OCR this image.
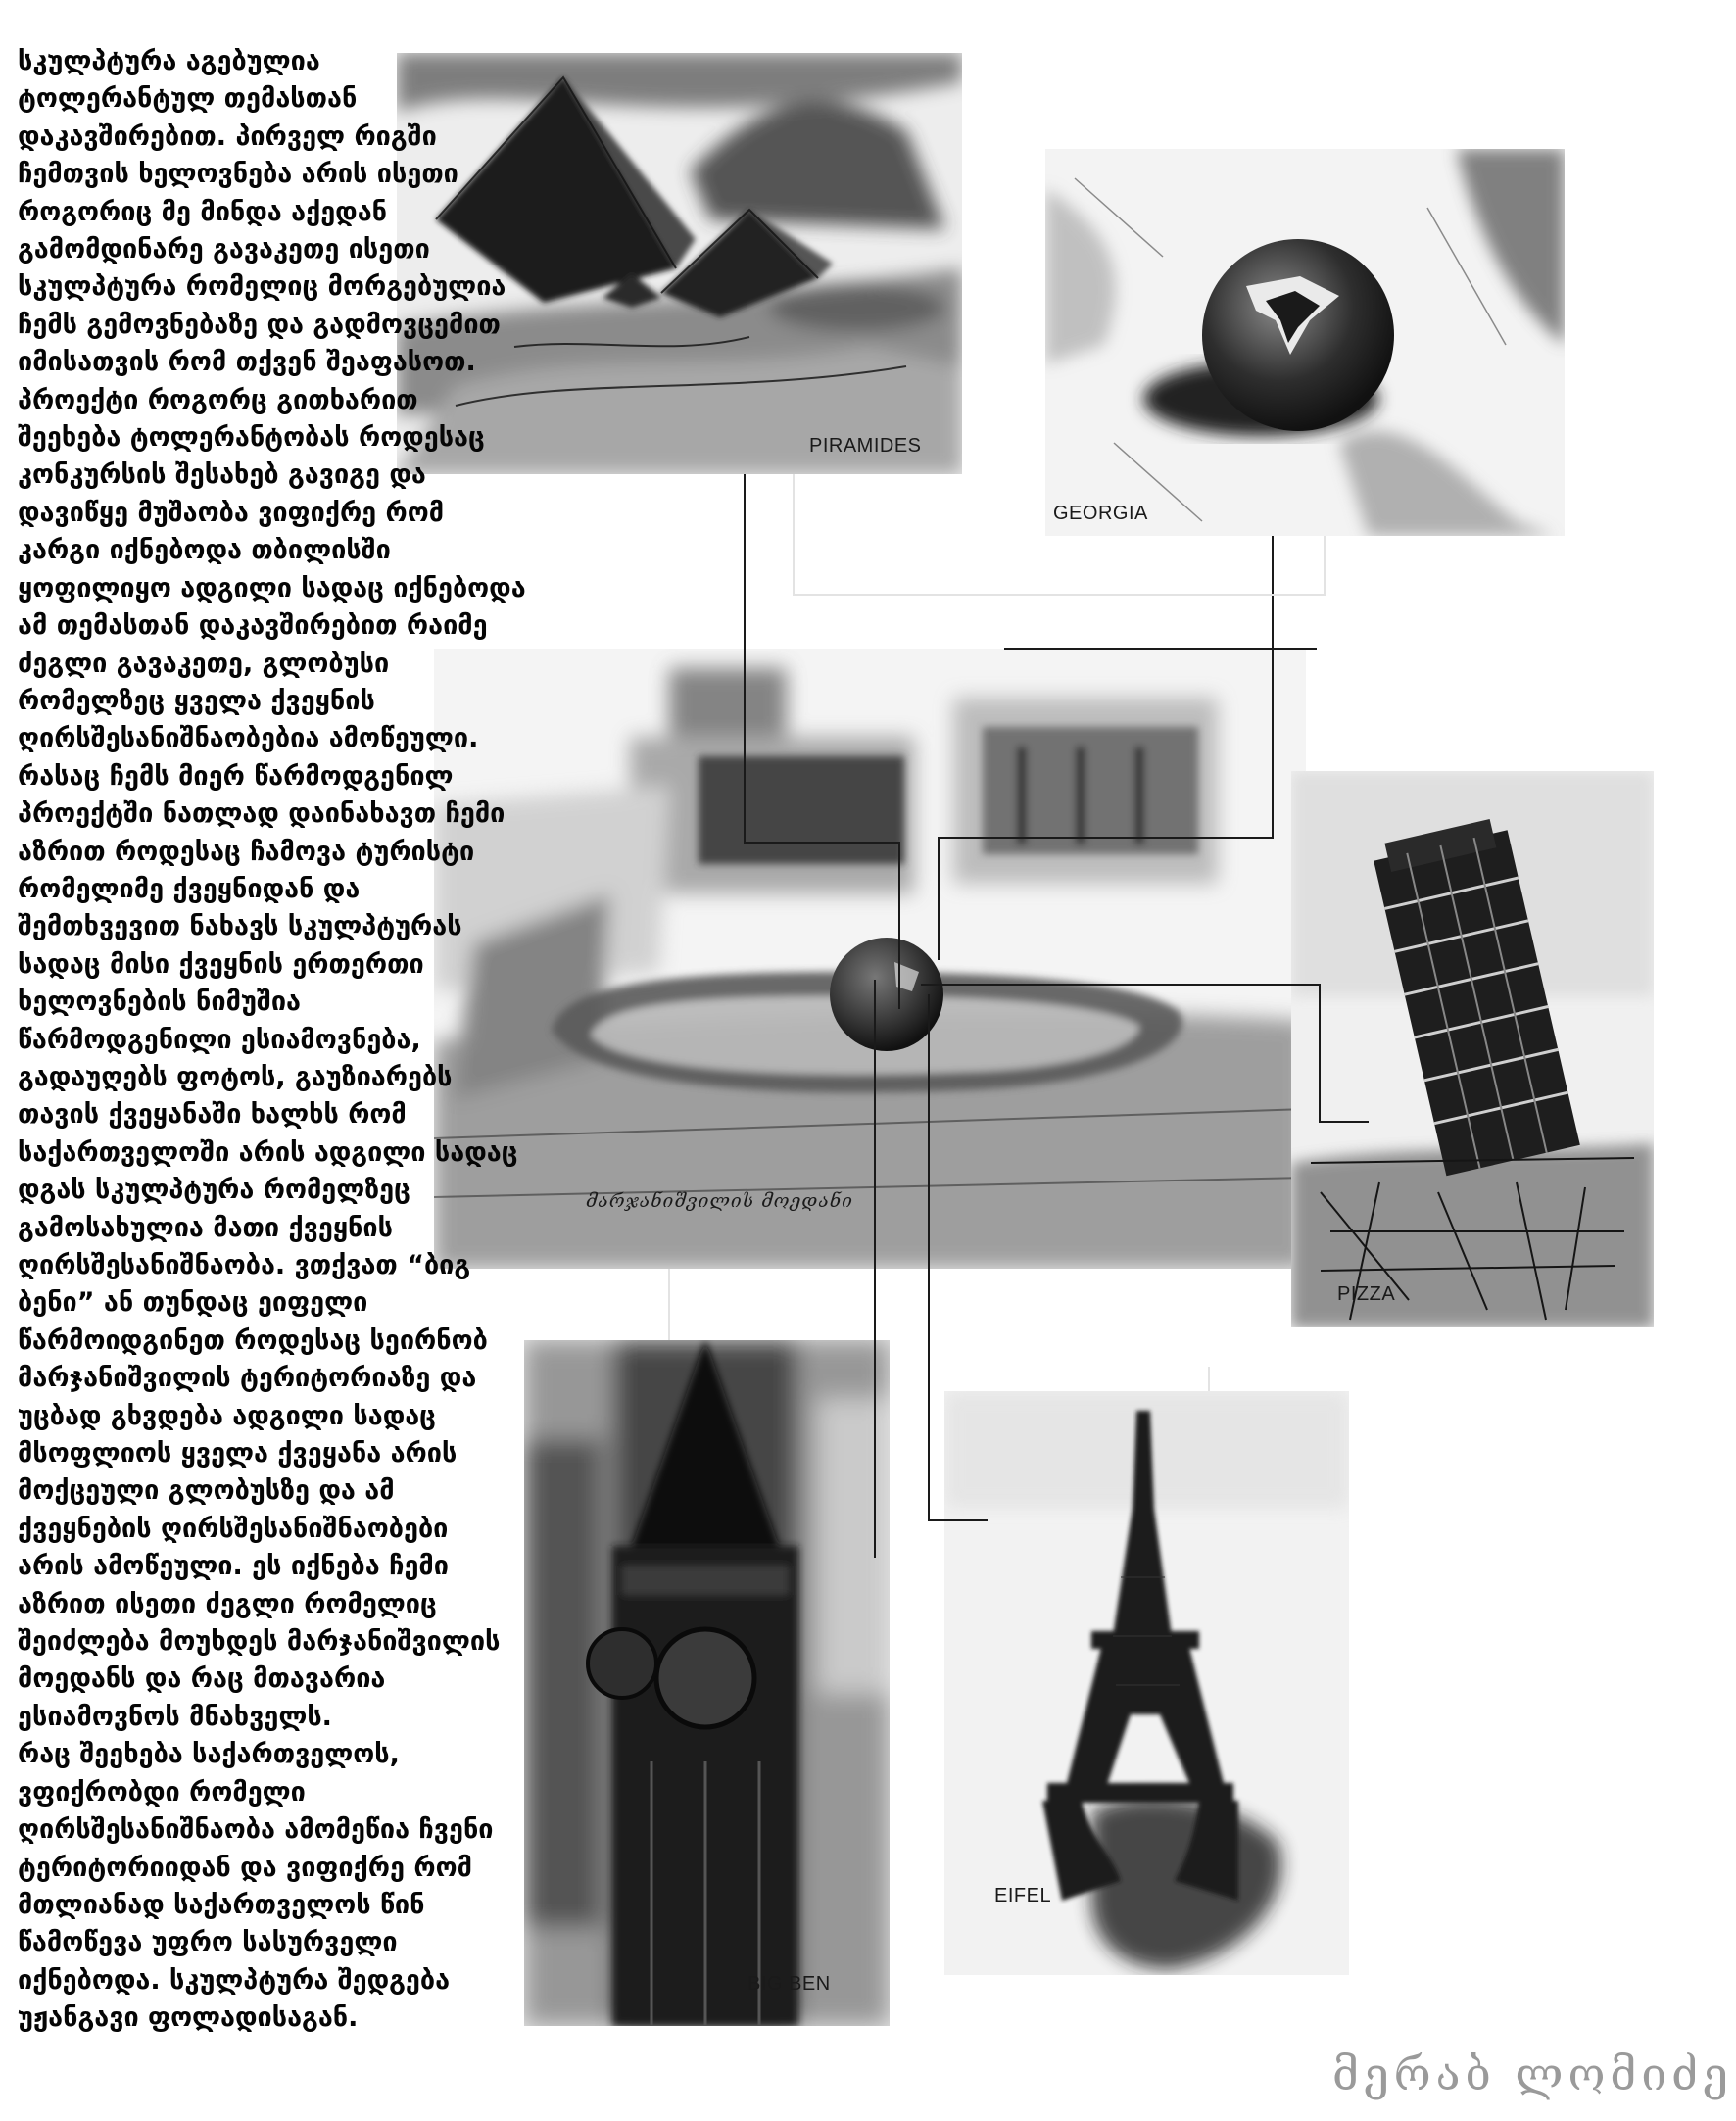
PIRAMIDES
GEORGIA
მარჯანიშვილის მოედანი
PIZZA
BIG BEN
EIFEL

სკულპტურა აგებულია

ტოლერანტულ თემასთან

დაკავშირებით. პირველ რიგში

ჩემთვის ხელოვნება არის ისეთი

როგორიც მე მინდა აქედან

გამომდინარე გავაკეთე ისეთი

სკულპტურა რომელიც მორგებულია

ჩემს გემოვნებაზე და გადმოვცემით

იმისათვის რომ თქვენ შეაფასოთ.

პროექტი როგორც გითხარით

შეეხება ტოლერანტობას როდესაც

კონკურსის შესახებ გავიგე და

დავიწყე მუშაობა ვიფიქრე რომ

კარგი იქნებოდა თბილისში

ყოფილიყო ადგილი სადაც იქნებოდა

ამ თემასთან დაკავშირებით რაიმე

ძეგლი გავაკეთე, გლობუსი

რომელზეც ყველა ქვეყნის

ღირსშესანიშნაობებია ამოწეული.

რასაც ჩემს მიერ წარმოდგენილ

პროექტში ნათლად დაინახავთ ჩემი

აზრით როდესაც ჩამოვა ტურისტი

რომელიმე ქვეყნიდან და

შემთხვევით ნახავს სკულპტურას

სადაც მისი ქვეყნის ერთერთი

ხელოვნების ნიმუშია

წარმოდგენილი ესიამოვნება,

გადაუღებს ფოტოს, გაუზიარებს

თავის ქვეყანაში ხალხს რომ

საქართველოში არის ადგილი სადაც

დგას სკულპტურა რომელზეც

გამოსახულია მათი ქვეყნის

ღირსშესანიშნაობა. ვთქვათ “ბიგ

ბენი” ან თუნდაც ეიფელი

წარმოიდგინეთ როდესაც სეირნობ

მარჯანიშვილის ტერიტორიაზე და

უცბად გხვდება ადგილი სადაც

მსოფლიოს ყველა ქვეყანა არის

მოქცეული გლობუსზე და ამ

ქვეყნების ღირსშესანიშნაობები

არის ამოწეული. ეს იქნება ჩემი

აზრით ისეთი ძეგლი რომელიც

შეიძლება მოუხდეს მარჯანიშვილის

მოედანს და რაც მთავარია

ესიამოვნოს მნახველს.

რაც შეეხება საქართველოს,

ვფიქრობდი რომელი

ღირსშესანიშნაობა ამომეწია ჩვენი

ტერიტორიიდან და ვიფიქრე რომ

მთლიანად საქართველოს წინ

წამოწევა უფრო სასურველი

იქნებოდა. სკულპტურა შედგება

უჟანგავი ფოლადისაგან.

მერაბ ლომიძე
